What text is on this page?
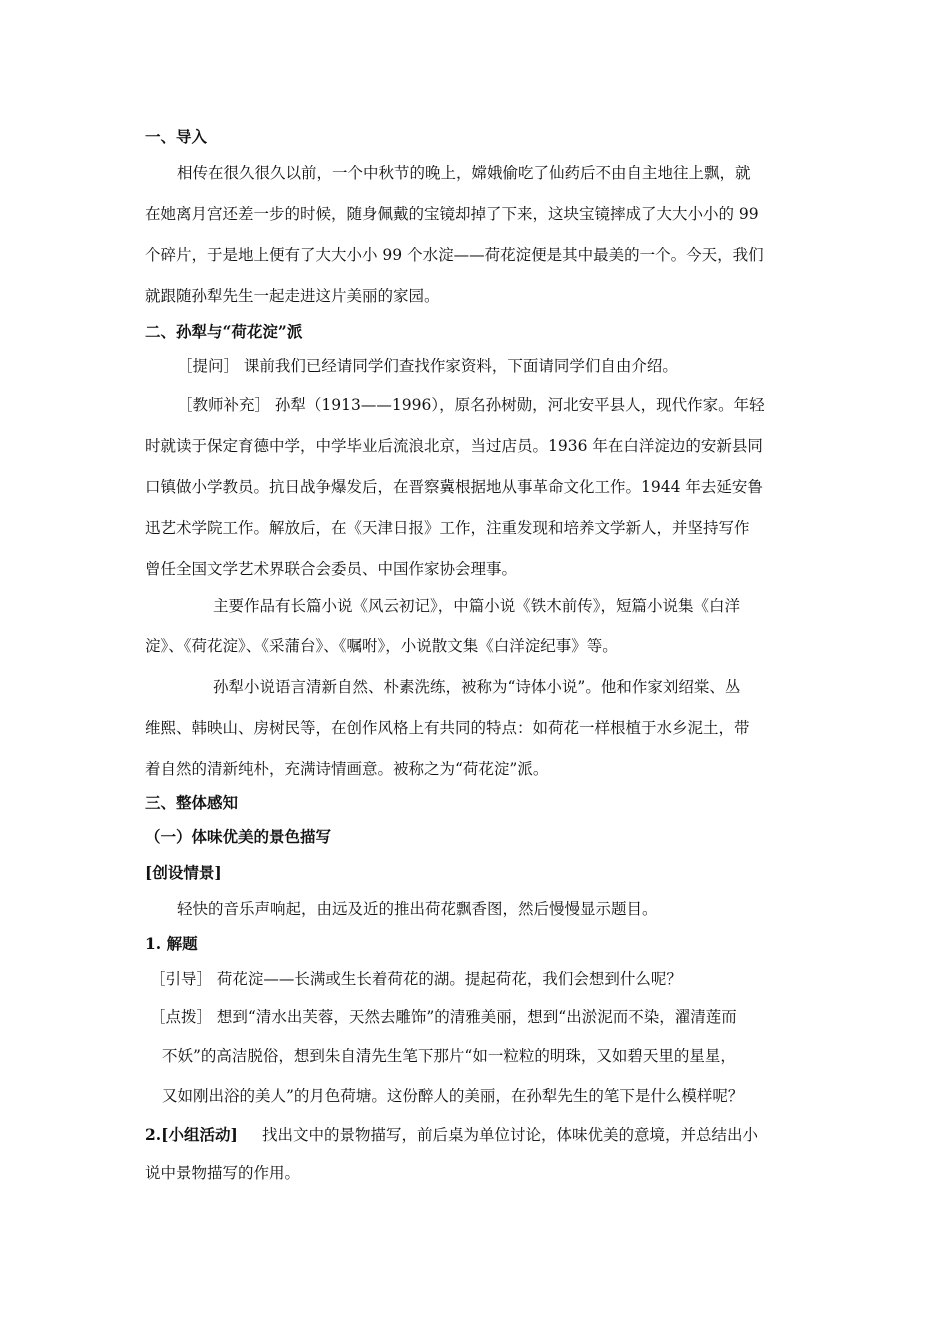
一、导入
相传在很久很久以前，一个中秋节的晚上，嫦娥偷吃了仙药后不由自主地往上飘，就
在她离月宫还差一步的时候，随身佩戴的宝镜却掉了下来，这块宝镜摔成了大大小小的 99
个碎片，于是地上便有了大大小小 99 个水淀——荷花淀便是其中最美的一个。今天，我们
就跟随孙犁先生一起走进这片美丽的家园。
二、孙犁与“荷花淀”派
［提问］ 课前我们已经请同学们查找作家资料，下面请同学们自由介绍。
［教师补充］ 孙犁（1913——1996），原名孙树勋，河北安平县人，现代作家。年轻
时就读于保定育德中学，中学毕业后流浪北京，当过店员。1936 年在白洋淀边的安新县同
口镇做小学教员。抗日战争爆发后，在晋察冀根据地从事革命文化工作。1944 年去延安鲁
迅艺术学院工作。解放后，在《天津日报》工作，注重发现和培养文学新人，并坚持写作
曾任全国文学艺术界联合会委员、中国作家协会理事。
主要作品有长篇小说《风云初记》，中篇小说《铁木前传》，短篇小说集《白洋
淀》、《荷花淀》、《采蒲台》、《嘱咐》，小说散文集《白洋淀纪事》等。
孙犁小说语言清新自然、朴素洗练，被称为“诗体小说”。他和作家刘绍棠、丛
维熙、韩映山、房树民等，在创作风格上有共同的特点：如荷花一样根植于水乡泥土，带
着自然的清新纯朴，充满诗情画意。被称之为“荷花淀”派。
三、整体感知
（一）体味优美的景色描写
[创设情景]
轻快的音乐声响起，由远及近的推出荷花飘香图，然后慢慢显示题目。
1. 解题
［引导］ 荷花淀——长满或生长着荷花的湖。提起荷花，我们会想到什么呢？
［点拨］ 想到“清水出芙蓉，天然去雕饰”的清雅美丽，想到“出淤泥而不染，濯清莲而
不妖”的高洁脱俗，想到朱自清先生笔下那片“如一粒粒的明珠，又如碧天里的星星，
又如刚出浴的美人”的月色荷塘。这份醉人的美丽，在孙犁先生的笔下是什么模样呢？
2.[小组活动] 找出文中的景物描写，前后桌为单位讨论，体味优美的意境，并总结出小
说中景物描写的作用。
